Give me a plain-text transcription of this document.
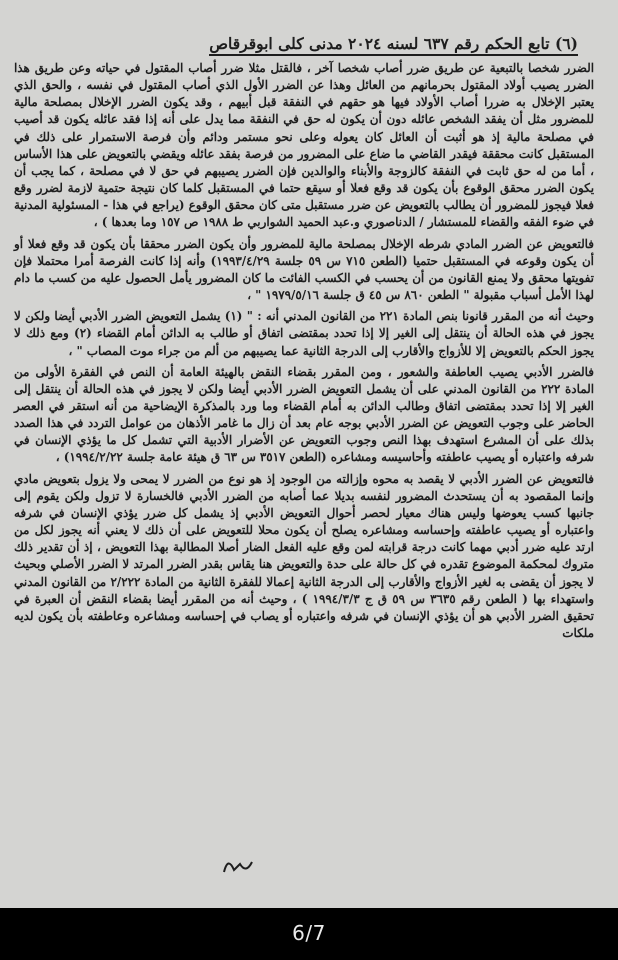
(٦) تابع الحكم رقم ٦٣٧ لسنه ٢٠٢٤ مدنى كلى ابوقرقاص

الضرر شخصا بالتبعية عن طريق ضرر أصاب شخصا آخر ، فالقتل مثلا ضرر أصاب المقتول في حياته وعن طريق هذا الضرر يصيب أولاد المقتول بحرمانهم من العائل وهذا عن الضرر الأول الذي أصاب المقتول في نفسه ، والحق الذي يعتبر الإخلال به ضررا أصاب الأولاد فيها هو حقهم في النفقة قبل أبيهم ، وقد يكون الضرر الإخلال بمصلحة مالية للمضرور مثل أن يفقد الشخص عائله دون أن يكون له حق في النفقة مما يدل على أنه إذا فقد عائله يكون قد أصيب في مصلحة مالية إذ هو أثبت أن العائل كان يعوله وعلى نحو مستمر ودائم وأن فرصة الاستمرار على ذلك في المستقبل كانت محققة فيقدر القاضي ما ضاع على المضرور من فرصة بفقد عائله ويقضي بالتعويض على هذا الأساس ، أما من له حق ثابت في النفقة كالزوجة والأبناء والوالدين فإن الضرر يصيبهم في حق لا في مصلحة ، كما يجب أن يكون الضرر محقق الوقوع بأن يكون قد وقع فعلا أو سيقع حتما في المستقبل كلما كان نتيجة حتمية لازمة لضرر وقع فعلا فيجوز للمضرور أن يطالب بالتعويض عن ضرر مستقبل متى كان محقق الوقوع (يراجع في هذا - المسئولية المدنية في ضوء الفقه والقضاء للمستشار / الدناصوري و.عبد الحميد الشواربي ط ١٩٨٨ ص ١٥٧ وما بعدها ) ،

فالتعويض عن الضرر المادي شرطه الإخلال بمصلحة مالية للمضرور وأن يكون الضرر محققا بأن يكون قد وقع فعلا أو أن يكون وقوعه في المستقبل حتميا (الطعن ٧١٥ س ٥٩ جلسة ١٩٩٣/٤/٢٩) وأنه إذا كانت الفرصة أمرا محتملا فإن تفويتها محقق ولا يمنع القانون من أن يحسب في الكسب الفائت ما كان المضرور يأمل الحصول عليه من كسب ما دام لهذا الأمل أسباب مقبولة " الطعن ٨٦٠ س ٤٥ ق جلسة ١٩٧٩/٥/١٦ " ،

وحيث أنه من المقرر قانونا بنص المادة ٢٢١ من القانون المدني أنه : " (١) يشمل التعويض الضرر الأدبي أيضا ولكن لا يجوز في هذه الحالة أن ينتقل إلى الغير إلا إذا تحدد بمقتضى اتفاق أو طالب به الدائن أمام القضاء (٢) ومع ذلك لا يجوز الحكم بالتعويض إلا للأزواج والأقارب إلى الدرجة الثانية عما يصيبهم من ألم من جراء موت المصاب " ،

فالضرر الأدبي يصيب العاطفة والشعور ، ومن المقرر بقضاء النقض بالهيئة العامة أن النص في الفقرة الأولى من المادة ٢٢٢ من القانون المدني على أن يشمل التعويض الضرر الأدبي أيضا ولكن لا يجوز في هذه الحالة أن ينتقل إلى الغير إلا إذا تحدد بمقتضى اتفاق وطالب الدائن به أمام القضاء وما ورد بالمذكرة الإيضاحية من أنه استقر في العصر الحاضر على وجوب التعويض عن الضرر الأدبي بوجه عام بعد أن زال ما غامر الأذهان من عوامل التردد في هذا الصدد بذلك على أن المشرع استهدف بهذا النص وجوب التعويض عن الأضرار الأدبية التي تشمل كل ما يؤذي الإنسان في شرفه واعتباره أو يصيب عاطفته وأحاسيسه ومشاعره (الطعن ٣٥١٧ س ٦٣ ق هيئة عامة جلسة ١٩٩٤/٢/٢٢) ،

فالتعويض عن الضرر الأدبي لا يقصد به محوه وإزالته من الوجود إذ هو نوع من الضرر لا يمحى ولا يزول بتعويض مادي وإنما المقصود به أن يستحدث المضرور لنفسه بديلا عما أصابه من الضرر الأدبي فالخسارة لا تزول ولكن يقوم إلى جانبها كسب يعوضها وليس هناك معيار لحصر أحوال التعويض الأدبي إذ يشمل كل ضرر يؤذي الإنسان في شرفه واعتباره أو يصيب عاطفته وإحساسه ومشاعره يصلح أن يكون محلا للتعويض على أن ذلك لا يعني أنه يجوز لكل من ارتد عليه ضرر أدبي مهما كانت درجة قرابته لمن وقع عليه الفعل الضار أصلا المطالبة بهذا التعويض ، إذ أن تقدير ذلك متروك لمحكمة الموضوع تقدره في كل حالة على حدة والتعويض هنا يقاس بقدر الضرر المرتد لا الضرر الأصلي وبحيث لا يجوز أن يقضى به لغير الأزواج والأقارب إلى الدرجة الثانية إعمالا للفقرة الثانية من المادة ٢/٢٢٢ من القانون المدني واستهداء بها ( الطعن رقم ٣٦٣٥ س ٥٩ ق ج ١٩٩٤/٣/٣ ) ، وحيث أنه من المقرر أيضا بقضاء النقض أن العبرة في تحقيق الضرر الأدبي هو أن يؤذي الإنسان في شرفه واعتباره أو يصاب في إحساسه ومشاعره وعاطفته بأن يكون لديه ملكات

6/7
